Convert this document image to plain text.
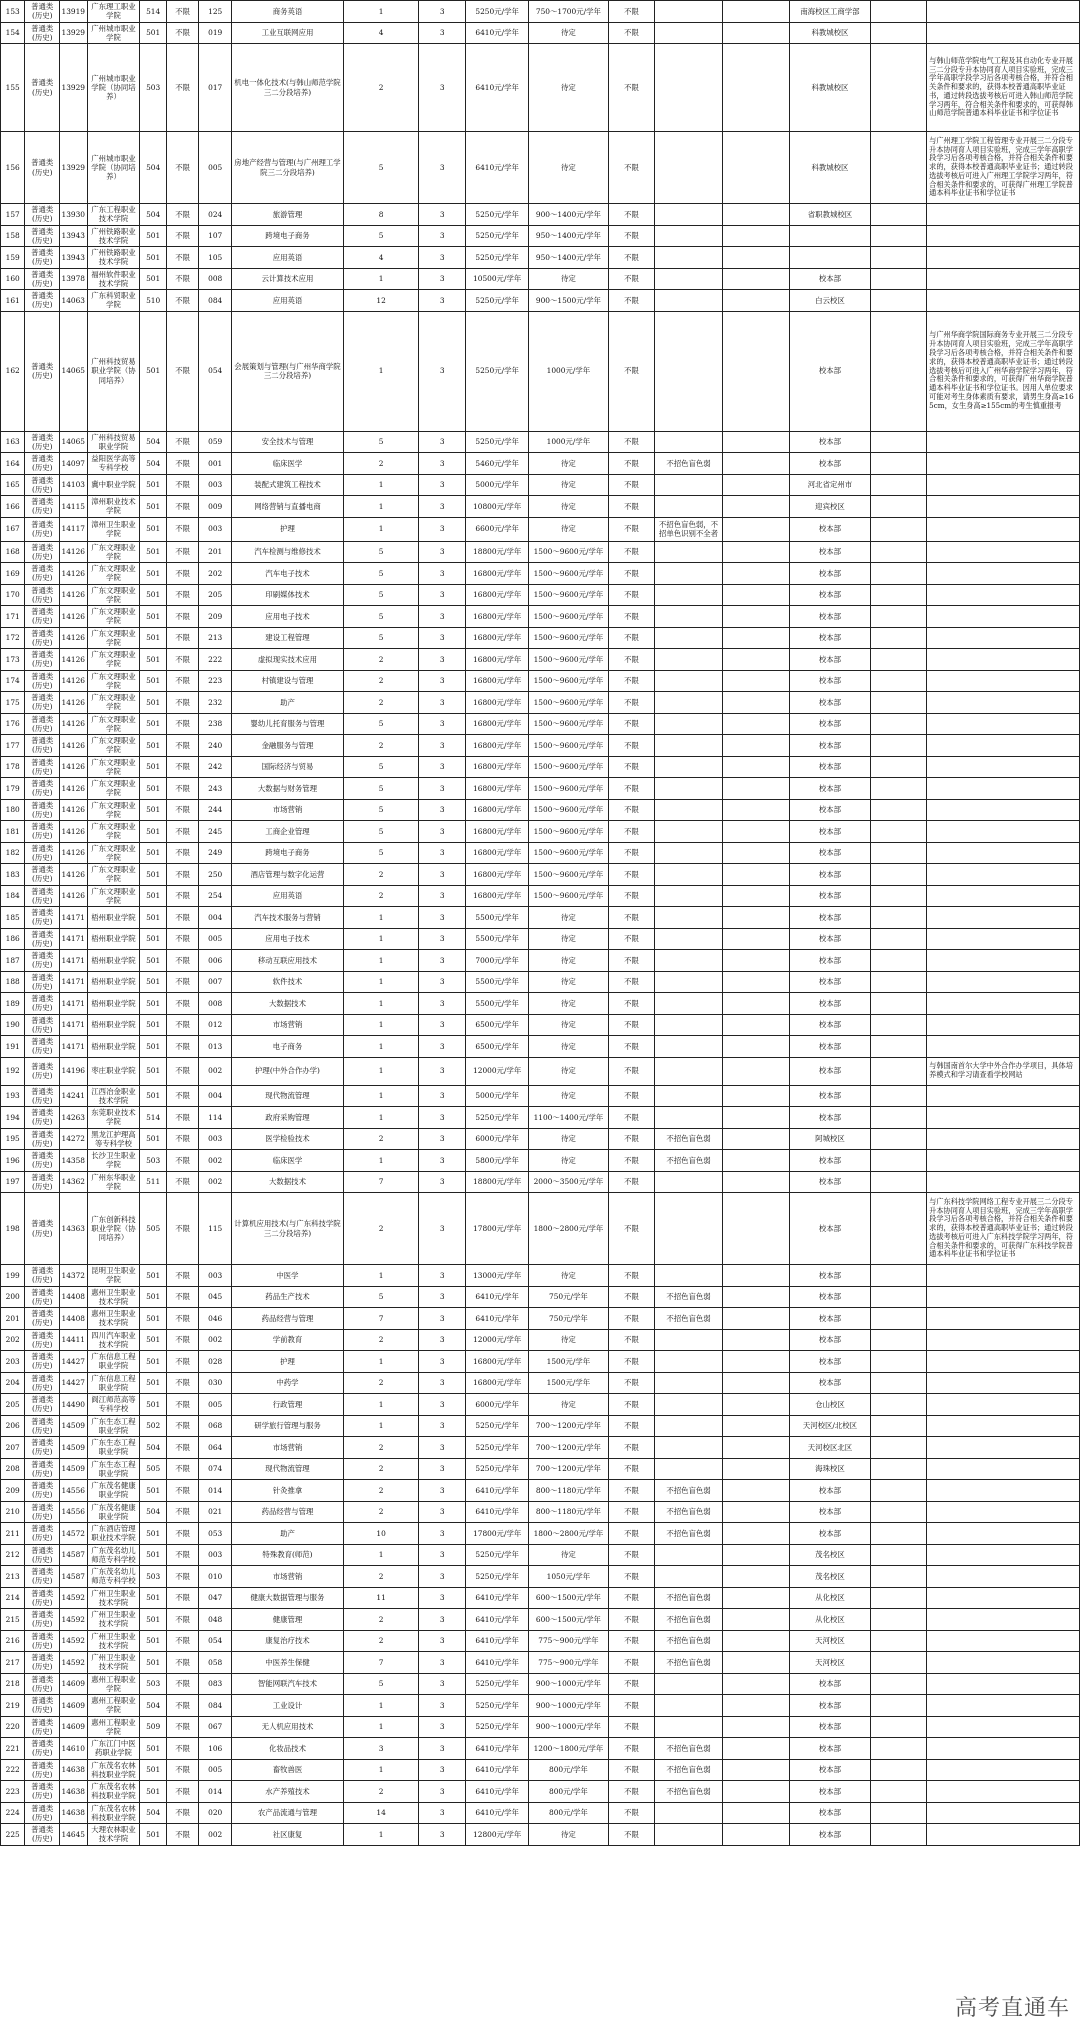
153	普通类(历史)	13919	广东理工职业学院	514	不限	125	商务英语	1	3	5250元/学年	750～1700元/学年	不限			南海校区工商学部		
154	普通类(历史)	13929	广州城市职业学院	501	不限	019	工业互联网应用	4	3	6410元/学年	待定	不限			科教城校区		
155	普通类(历史)	13929	广州城市职业学院（协同培养）	503	不限	017	机电一体化技术(与韩山师范学院三二分段培养)	2	3	6410元/学年	待定	不限			科教城校区		与韩山师范学院电气工程及其自动化专业开展三二分段专升本协同育人项目实验班，完成三学年高职学段学习后各项考核合格，并符合相关条件和要求的，获得本校普通高职毕业证书，通过转段选拔考核后可进入韩山师范学院学习两年，符合相关条件和要求的，可获得韩山师范学院普通本科毕业证书和学位证书
156	普通类(历史)	13929	广州城市职业学院（协同培养）	504	不限	005	房地产经营与管理(与广州理工学院三二分段培养)	5	3	6410元/学年	待定	不限			科教城校区		与广州理工学院工程管理专业开展三二分段专升本协同育人项目实验班，完成三学年高职学段学习后各项考核合格，并符合相关条件和要求的，获得本校普通高职毕业证书；通过转段选拔考核后可进入广州理工学院学习两年，符合相关条件和要求的，可获得广州理工学院普通本科毕业证书和学位证书
157	普通类(历史)	13930	广东工程职业技术学院	504	不限	024	旅游管理	8	3	5250元/学年	900～1400元/学年	不限			省职教城校区		
158	普通类(历史)	13943	广州铁路职业技术学院	501	不限	107	跨境电子商务	5	3	5250元/学年	950～1400元/学年	不限					
159	普通类(历史)	13943	广州铁路职业技术学院	501	不限	105	应用英语	4	3	5250元/学年	950～1400元/学年	不限					
160	普通类(历史)	13978	福州软件职业技术学院	501	不限	008	云计算技术应用	1	3	10500元/学年	待定	不限			校本部		
161	普通类(历史)	14063	广东科贸职业学院	510	不限	084	应用英语	12	3	5250元/学年	900～1500元/学年	不限			白云校区		
162	普通类(历史)	14065	广州科技贸易职业学院（协同培养）	501	不限	054	会展策划与管理(与广州华商学院三二分段培养)	1	3	5250元/学年	1000元/学年	不限			校本部		与广州华商学院国际商务专业开展三二分段专升本协同育人项目实验班，完成三学年高职学段学习后各项考核合格，并符合相关条件和要求的，获得本校普通高职毕业证书；通过转段选拔考核后可进入广州华商学院学习两年，符合相关条件和要求的，可获得广州华商学院普通本科毕业证书和学位证书。因用人单位要求可能对考生身体素质有要求，请男生身高≥165cm，女生身高≥155cm的考生慎重报考
163	普通类(历史)	14065	广州科技贸易职业学院	504	不限	059	安全技术与管理	5	3	5250元/学年	1000元/学年	不限			校本部		
164	普通类(历史)	14097	益阳医学高等专科学校	504	不限	001	临床医学	2	3	5460元/学年	待定	不限	不招色盲色弱		校本部		
165	普通类(历史)	14103	冀中职业学院	501	不限	003	装配式建筑工程技术	1	3	5000元/学年	待定	不限			河北省定州市		
166	普通类(历史)	14115	漳州职业技术学院	501	不限	009	网络营销与直播电商	1	3	10800元/学年	待定	不限			迎宾校区		
167	普通类(历史)	14117	漳州卫生职业学院	501	不限	003	护理	1	3	6600元/学年	待定	不限	不招色盲色弱，不招单色识别不全者		校本部		
168	普通类(历史)	14126	广东文理职业学院	501	不限	201	汽车检测与维修技术	5	3	18800元/学年	1500～9600元/学年	不限			校本部		
169	普通类(历史)	14126	广东文理职业学院	501	不限	202	汽车电子技术	5	3	16800元/学年	1500～9600元/学年	不限			校本部		
170	普通类(历史)	14126	广东文理职业学院	501	不限	205	印刷媒体技术	5	3	16800元/学年	1500～9600元/学年	不限			校本部		
171	普通类(历史)	14126	广东文理职业学院	501	不限	209	应用电子技术	5	3	16800元/学年	1500～9600元/学年	不限			校本部		
172	普通类(历史)	14126	广东文理职业学院	501	不限	213	建设工程管理	5	3	16800元/学年	1500～9600元/学年	不限			校本部		
173	普通类(历史)	14126	广东文理职业学院	501	不限	222	虚拟现实技术应用	2	3	16800元/学年	1500～9600元/学年	不限			校本部		
174	普通类(历史)	14126	广东文理职业学院	501	不限	223	村镇建设与管理	2	3	16800元/学年	1500～9600元/学年	不限			校本部		
175	普通类(历史)	14126	广东文理职业学院	501	不限	232	助产	2	3	16800元/学年	1500～9600元/学年	不限			校本部		
176	普通类(历史)	14126	广东文理职业学院	501	不限	238	婴幼儿托育服务与管理	5	3	16800元/学年	1500～9600元/学年	不限			校本部		
177	普通类(历史)	14126	广东文理职业学院	501	不限	240	金融服务与管理	2	3	16800元/学年	1500～9600元/学年	不限			校本部		
178	普通类(历史)	14126	广东文理职业学院	501	不限	242	国际经济与贸易	5	3	16800元/学年	1500～9600元/学年	不限			校本部		
179	普通类(历史)	14126	广东文理职业学院	501	不限	243	大数据与财务管理	5	3	16800元/学年	1500～9600元/学年	不限			校本部		
180	普通类(历史)	14126	广东文理职业学院	501	不限	244	市场营销	5	3	16800元/学年	1500～9600元/学年	不限			校本部		
181	普通类(历史)	14126	广东文理职业学院	501	不限	245	工商企业管理	5	3	16800元/学年	1500～9600元/学年	不限			校本部		
182	普通类(历史)	14126	广东文理职业学院	501	不限	249	跨境电子商务	5	3	16800元/学年	1500～9600元/学年	不限			校本部		
183	普通类(历史)	14126	广东文理职业学院	501	不限	250	酒店管理与数字化运营	2	3	16800元/学年	1500～9600元/学年	不限			校本部		
184	普通类(历史)	14126	广东文理职业学院	501	不限	254	应用英语	2	3	16800元/学年	1500～9600元/学年	不限			校本部		
185	普通类(历史)	14171	梧州职业学院	501	不限	004	汽车技术服务与营销	1	3	5500元/学年	待定	不限			校本部		
186	普通类(历史)	14171	梧州职业学院	501	不限	005	应用电子技术	1	3	5500元/学年	待定	不限			校本部		
187	普通类(历史)	14171	梧州职业学院	501	不限	006	移动互联应用技术	1	3	7000元/学年	待定	不限			校本部		
188	普通类(历史)	14171	梧州职业学院	501	不限	007	软件技术	1	3	5500元/学年	待定	不限			校本部		
189	普通类(历史)	14171	梧州职业学院	501	不限	008	大数据技术	1	3	5500元/学年	待定	不限			校本部		
190	普通类(历史)	14171	梧州职业学院	501	不限	012	市场营销	1	3	6500元/学年	待定	不限			校本部		
191	普通类(历史)	14171	梧州职业学院	501	不限	013	电子商务	1	3	6500元/学年	待定	不限			校本部		
192	普通类(历史)	14196	枣庄职业学院	501	不限	002	护理(中外合作办学)	1	3	12000元/学年	待定	不限			校本部		与韩国南首尔大学中外合作办学项目，具体培养模式和学习请查看学校网站
193	普通类(历史)	14241	江西冶金职业技术学院	501	不限	004	现代物流管理	1	3	5000元/学年	待定	不限			校本部		
194	普通类(历史)	14263	东莞职业技术学院	514	不限	114	政府采购管理	1	3	5250元/学年	1100～1400元/学年	不限			校本部		
195	普通类(历史)	14272	黑龙江护理高等专科学校	501	不限	003	医学检验技术	2	3	6000元/学年	待定	不限	不招色盲色弱		阿城校区		
196	普通类(历史)	14358	长沙卫生职业学院	503	不限	002	临床医学	1	3	5800元/学年	待定	不限	不招色盲色弱		校本部		
197	普通类(历史)	14362	广州东华职业学院	511	不限	002	大数据技术	7	3	18800元/学年	2000～3500元/学年	不限			校本部		
198	普通类(历史)	14363	广东创新科技职业学院（协同培养）	505	不限	115	计算机应用技术(与广东科技学院三二分段培养)	2	3	17800元/学年	1800～2800元/学年	不限			校本部		与广东科技学院网络工程专业开展三二分段专升本协同育人项目实验班，完成三学年高职学段学习后各项考核合格，并符合相关条件和要求的，获得本校普通高职毕业证书；通过转段选拔考核后可进入广东科技学院学习两年，符合相关条件和要求的，可获得广东科技学院普通本科毕业证书和学位证书
199	普通类(历史)	14372	昆明卫生职业学院	501	不限	003	中医学	1	3	13000元/学年	待定	不限			校本部		
200	普通类(历史)	14408	惠州卫生职业技术学院	501	不限	045	药品生产技术	5	3	6410元/学年	750元/学年	不限	不招色盲色弱		校本部		
201	普通类(历史)	14408	惠州卫生职业技术学院	501	不限	046	药品经营与管理	7	3	6410元/学年	750元/学年	不限	不招色盲色弱		校本部		
202	普通类(历史)	14411	四川汽车职业技术学院	501	不限	002	学前教育	2	3	12000元/学年	待定	不限			校本部		
203	普通类(历史)	14427	广东信息工程职业学院	501	不限	028	护理	1	3	16800元/学年	1500元/学年	不限			校本部		
204	普通类(历史)	14427	广东信息工程职业学院	501	不限	030	中药学	2	3	16800元/学年	1500元/学年	不限			校本部		
205	普通类(历史)	14490	阆江师范高等专科学校	501	不限	005	行政管理	1	3	6000元/学年	待定	不限			仓山校区		
206	普通类(历史)	14509	广东生态工程职业学院	502	不限	068	研学旅行管理与服务	1	3	5250元/学年	700～1200元/学年	不限			天河校区/北校区		
207	普通类(历史)	14509	广东生态工程职业学院	504	不限	064	市场营销	2	3	5250元/学年	700～1200元/学年	不限			天河校区北区		
208	普通类(历史)	14509	广东生态工程职业学院	505	不限	074	现代物流管理	2	3	5250元/学年	700～1200元/学年	不限			海珠校区		
209	普通类(历史)	14556	广东茂名健康职业学院	501	不限	014	针灸推拿	2	3	6410元/学年	800～1180元/学年	不限	不招色盲色弱		校本部		
210	普通类(历史)	14556	广东茂名健康职业学院	504	不限	021	药品经营与管理	2	3	6410元/学年	800～1180元/学年	不限	不招色盲色弱		校本部		
211	普通类(历史)	14572	广东酒店管理职业技术学院	501	不限	053	助产	10	3	17800元/学年	1800～2800元/学年	不限	不招色盲色弱		校本部		
212	普通类(历史)	14587	广东茂名幼儿师范专科学校	501	不限	003	特殊教育(师范)	1	3	5250元/学年	待定	不限			茂名校区		
213	普通类(历史)	14587	广东茂名幼儿师范专科学校	503	不限	010	市场营销	2	3	5250元/学年	1050元/学年	不限			茂名校区		
214	普通类(历史)	14592	广州卫生职业技术学院	501	不限	047	健康大数据管理与服务	11	3	6410元/学年	600～1500元/学年	不限	不招色盲色弱		从化校区		
215	普通类(历史)	14592	广州卫生职业技术学院	501	不限	048	健康管理	2	3	6410元/学年	600～1500元/学年	不限	不招色盲色弱		从化校区		
216	普通类(历史)	14592	广州卫生职业技术学院	501	不限	054	康复治疗技术	2	3	6410元/学年	775～900元/学年	不限	不招色盲色弱		天河校区		
217	普通类(历史)	14592	广州卫生职业技术学院	501	不限	058	中医养生保健	7	3	6410元/学年	775～900元/学年	不限	不招色盲色弱		天河校区		
218	普通类(历史)	14609	惠州工程职业学院	503	不限	083	智能网联汽车技术	5	3	5250元/学年	900～1000元/学年	不限			校本部		
219	普通类(历史)	14609	惠州工程职业学院	504	不限	084	工业设计	1	3	5250元/学年	900～1000元/学年	不限			校本部		
220	普通类(历史)	14609	惠州工程职业学院	509	不限	067	无人机应用技术	1	3	5250元/学年	900～1000元/学年	不限			校本部		
221	普通类(历史)	14610	广东江门中医药职业学院	501	不限	106	化妆品技术	3	3	6410元/学年	1200～1800元/学年	不限	不招色盲色弱		校本部		
222	普通类(历史)	14638	广东茂名农林科技职业学院	501	不限	005	畜牧兽医	1	3	6410元/学年	800元/学年	不限	不招色盲色弱		校本部		
223	普通类(历史)	14638	广东茂名农林科技职业学院	501	不限	014	水产养殖技术	2	3	6410元/学年	800元/学年	不限	不招色盲色弱		校本部		
224	普通类(历史)	14638	广东茂名农林科技职业学院	504	不限	020	农产品流通与管理	14	3	6410元/学年	800元/学年	不限			校本部		
225	普通类(历史)	14645	大理农林职业技术学院	501	不限	002	社区康复	1	3	12800元/学年	待定	不限			校本部		
高考直通车
